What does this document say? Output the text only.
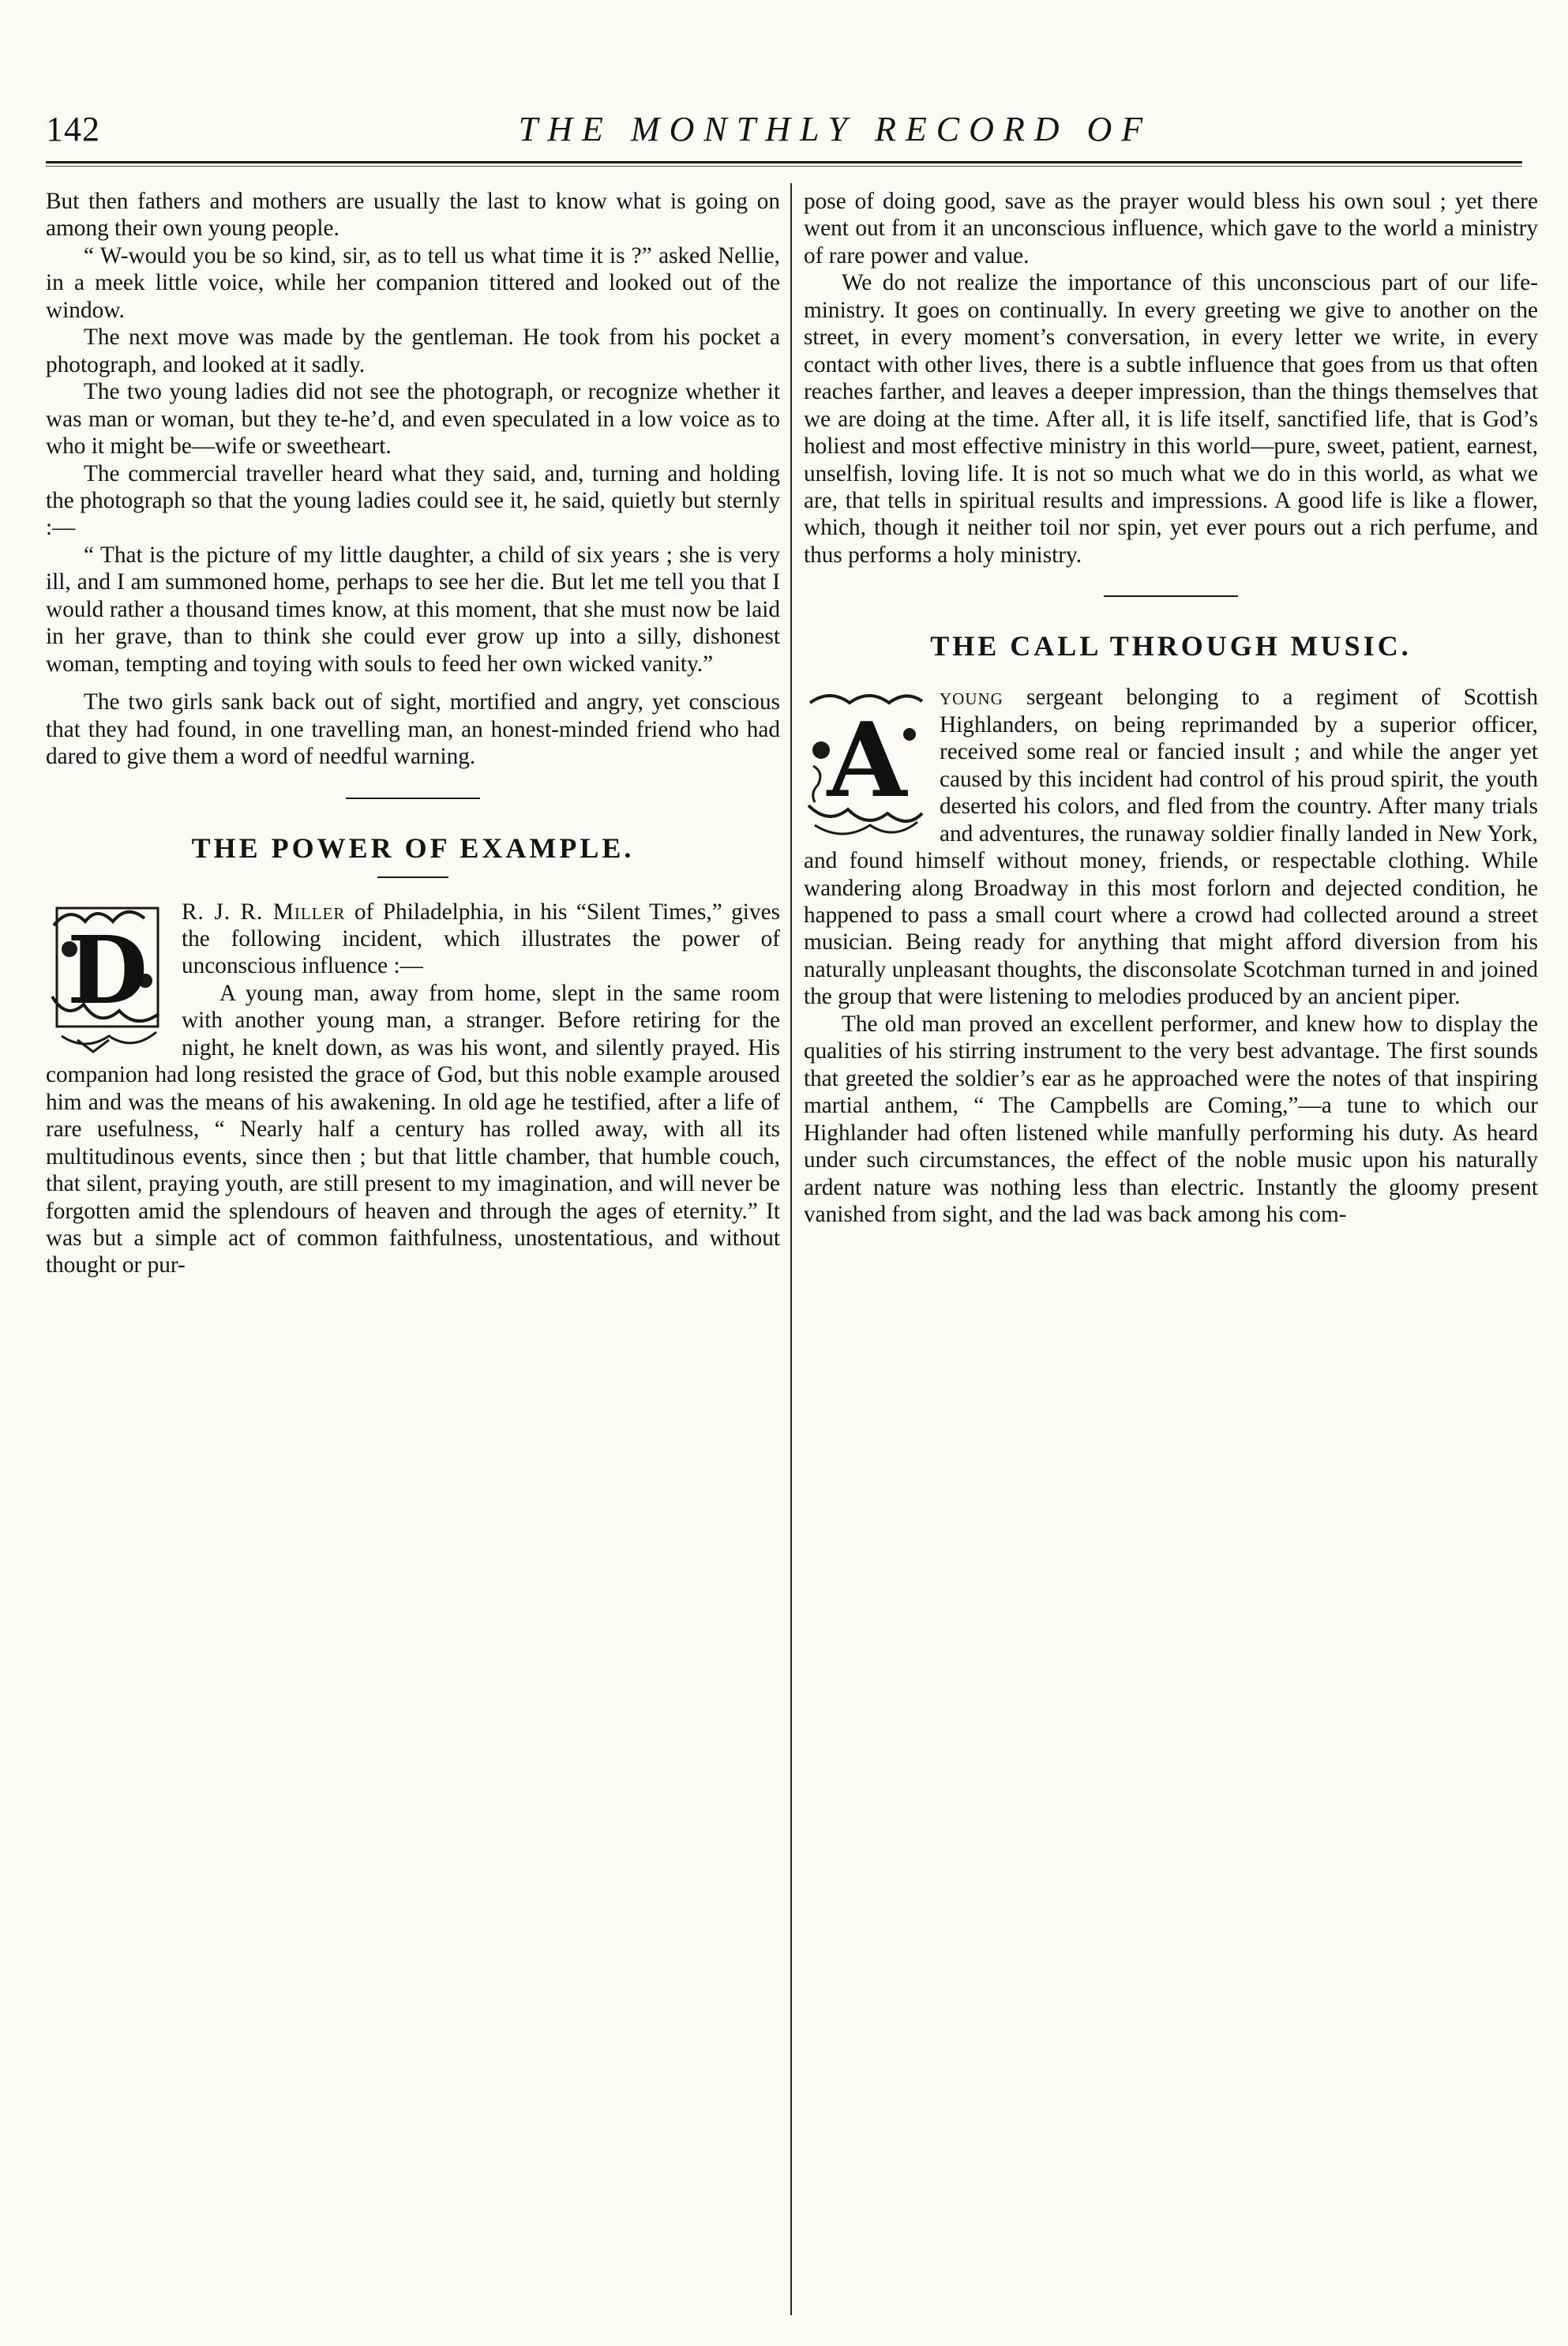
142	THE MONTHLY RECORD OF

But then fathers and mothers are usually the last to know what is going on among their own young people.

“ W-would you be so kind, sir, as to tell us what time it is ?” asked Nellie, in a meek little voice, while her companion tittered and looked out of the window.

The next move was made by the gentleman. He took from his pocket a photograph, and looked at it sadly.

The two young ladies did not see the photograph, or recognize whether it was man or woman, but they te-he’d, and even speculated in a low voice as to who it might be—wife or sweetheart.

The commercial traveller heard what they said, and, turning and holding the photograph so that the young ladies could see it, he said, quietly but sternly :—

“ That is the picture of my little daughter, a child of six years ; she is very ill, and I am summoned home, perhaps to see her die. But let me tell you that I would rather a thousand times know, at this moment, that she must now be laid in her grave, than to think she could ever grow up into a silly, dishonest woman, tempting and toying with souls to feed her own wicked vanity.”

The two girls sank back out of sight, mortified and angry, yet conscious that they had found, in one travelling man, an honest-minded friend who had dared to give them a word of needful warning.

THE POWER OF EXAMPLE.
D

R. J. R. Miller of Philadelphia, in his “Silent Times,” gives the following incident, which illustrates the power of unconscious influence :—

A young man, away from home, slept in the same room with another young man, a stranger. Before retiring for the night, he knelt down, as was his wont, and silently prayed. His companion had long resisted the grace of God, but this noble example aroused him and was the means of his awakening. In old age he testified, after a life of rare usefulness, “ Nearly half a century has rolled away, with all its multitudinous events, since then ; but that little chamber, that humble couch, that silent, praying youth, are still present to my imagination, and will never be forgotten amid the splendours of heaven and through the ages of eternity.” It was but a simple act of common faithfulness, unostentatious, and without thought or pur-

pose of doing good, save as the prayer would bless his own soul ; yet there went out from it an unconscious influence, which gave to the world a ministry of rare power and value.

We do not realize the importance of this unconscious part of our life-ministry. It goes on continually. In every greeting we give to another on the street, in every moment’s conversation, in every letter we write, in every contact with other lives, there is a subtle influence that goes from us that often reaches farther, and leaves a deeper impression, than the things themselves that we are doing at the time. After all, it is life itself, sanctified life, that is God’s holiest and most effective ministry in this world—pure, sweet, patient, earnest, unselfish, loving life. It is not so much what we do in this world, as what we are, that tells in spiritual results and impressions. A good life is like a flower, which, though it neither toil nor spin, yet ever pours out a rich perfume, and thus performs a holy ministry.

THE CALL THROUGH MUSIC.
A

young sergeant belonging to a regiment of Scottish Highlanders, on being reprimanded by a superior officer, received some real or fancied insult ; and while the anger yet caused by this incident had control of his proud spirit, the youth deserted his colors, and fled from the country. After many trials and adventures, the runaway soldier finally landed in New York, and found himself without money, friends, or respectable clothing. While wandering along Broadway in this most forlorn and dejected condition, he happened to pass a small court where a crowd had collected around a street musician. Being ready for anything that might afford diversion from his naturally unpleasant thoughts, the disconsolate Scotchman turned in and joined the group that were listening to melodies produced by an ancient piper.

The old man proved an excellent performer, and knew how to display the qualities of his stirring instrument to the very best advantage. The first sounds that greeted the soldier’s ear as he approached were the notes of that inspiring martial anthem, “ The Campbells are Coming,”—a tune to which our Highlander had often listened while manfully performing his duty. As heard under such circumstances, the effect of the noble music upon his naturally ardent nature was nothing less than electric. Instantly the gloomy present vanished from sight, and the lad was back among his com-
